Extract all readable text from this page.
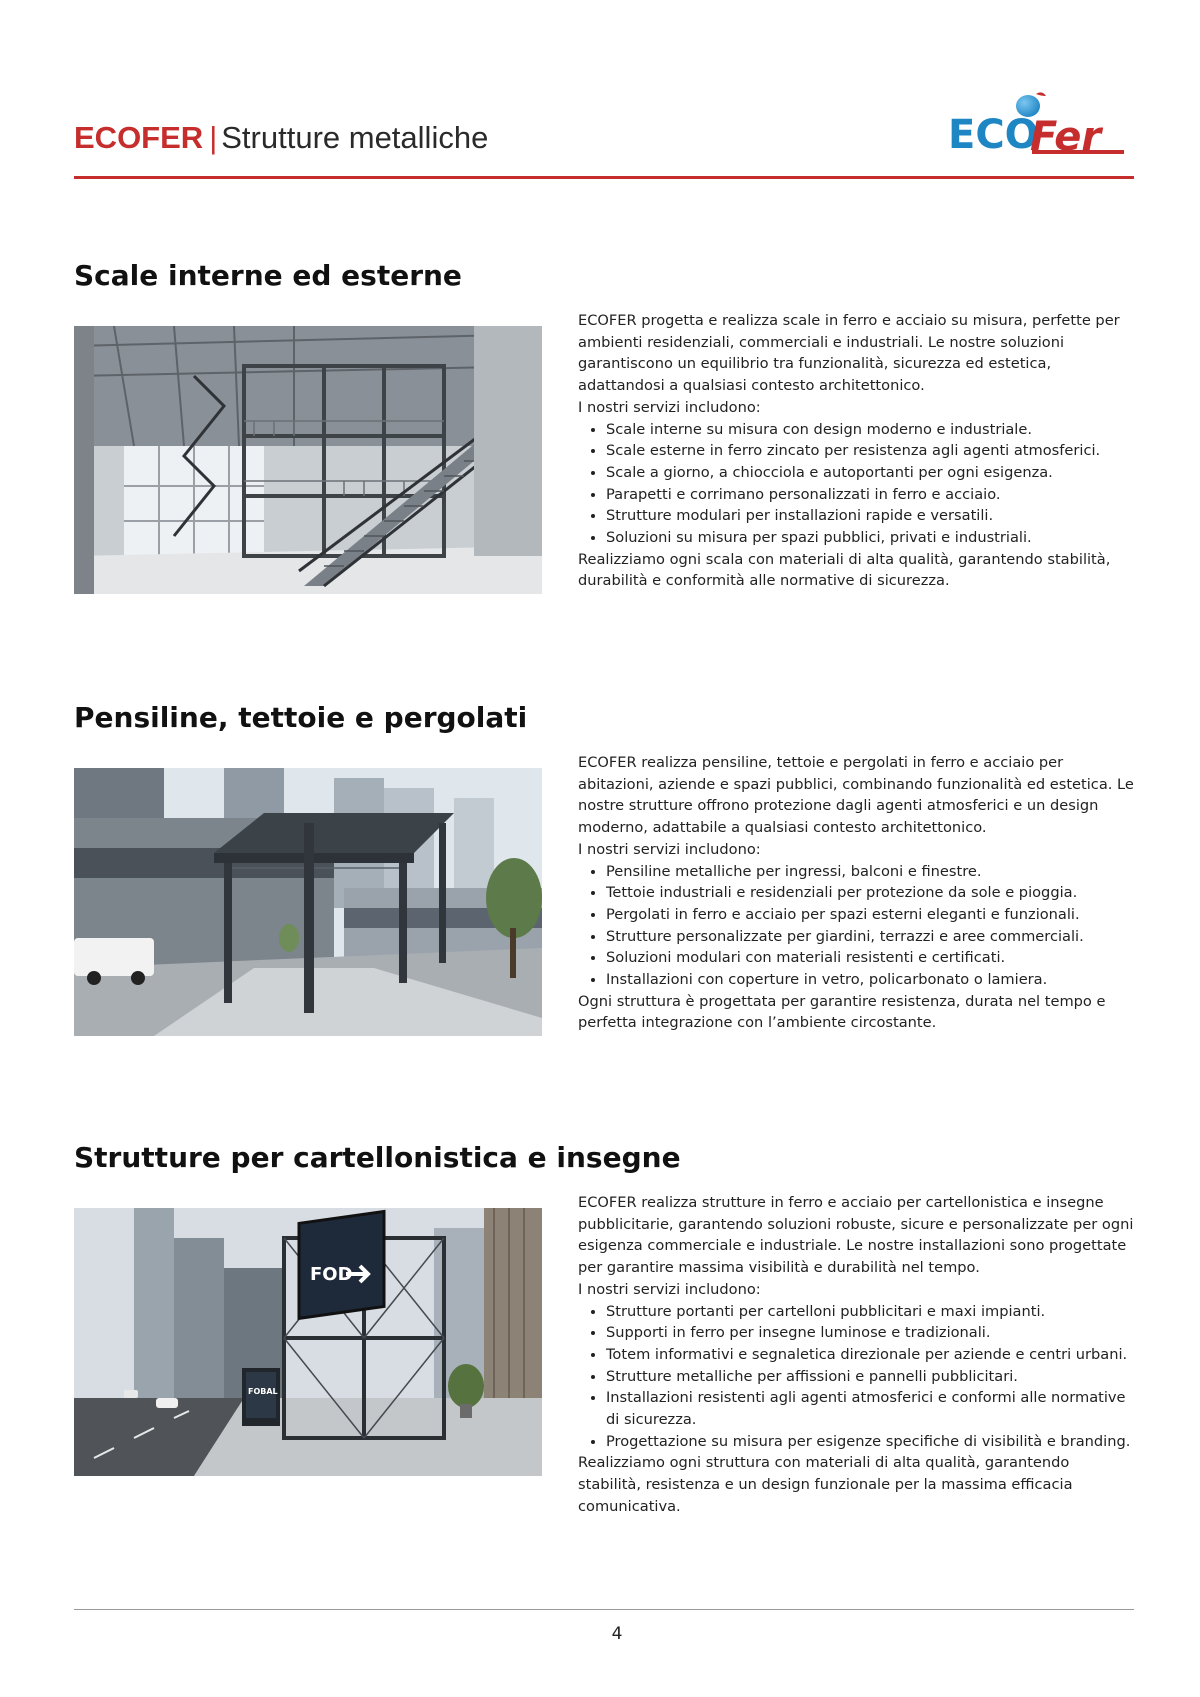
ECOFER | Strutture metalliche	ECO
Fer
Scale interne ed esterne

ECOFER progetta e realizza scale in ferro e acciaio su misura, perfette per ambienti residenziali, commerciali e industriali. Le nostre soluzioni garantiscono un equilibrio tra funzionalità, sicurezza ed estetica, adattandosi a qualsiasi contesto architettonico.

I nostri servizi includono:

• Scale interne su misura con design moderno e industriale.
• Scale esterne in ferro zincato per resistenza agli agenti atmosferici.
• Scale a giorno, a chiocciola e autoportanti per ogni esigenza.
• Parapetti e corrimano personalizzati in ferro e acciaio.
• Strutture modulari per installazioni rapide e versatili.
• Soluzioni su misura per spazi pubblici, privati e industriali.

Realizziamo ogni scala con materiali di alta qualità, garantendo stabilità, durabilità e conformità alle normative di sicurezza.

Pensiline, tettoie e pergolati

ECOFER realizza pensiline, tettoie e pergolati in ferro e acciaio per abitazioni, aziende e spazi pubblici, combinando funzionalità ed estetica. Le nostre strutture offrono protezione dagli agenti atmosferici e un design moderno, adattabile a qualsiasi contesto architettonico.

I nostri servizi includono:

• Pensiline metalliche per ingressi, balconi e finestre.
• Tettoie industriali e residenziali per protezione da sole e pioggia.
• Pergolati in ferro e acciaio per spazi esterni eleganti e funzionali.
• Strutture personalizzate per giardini, terrazzi e aree commerciali.
• Soluzioni modulari con materiali resistenti e certificati.
• Installazioni con coperture in vetro, policarbonato o lamiera.

Ogni struttura è progettata per garantire resistenza, durata nel tempo e perfetta integrazione con l’ambiente circostante.

Strutture per cartellonistica e insegne
FOD
FOBAL

ECOFER realizza strutture in ferro e acciaio per cartellonistica e insegne pubblicitarie, garantendo soluzioni robuste, sicure e personalizzate per ogni esigenza commerciale e industriale. Le nostre installazioni sono progettate per garantire massima visibilità e durabilità nel tempo.

I nostri servizi includono:

• Strutture portanti per cartelloni pubblicitari e maxi impianti.
• Supporti in ferro per insegne luminose e tradizionali.
• Totem informativi e segnaletica direzionale per aziende e centri urbani.
• Strutture metalliche per affissioni e pannelli pubblicitari.
• Installazioni resistenti agli agenti atmosferici e conformi alle normative di sicurezza.
• Progettazione su misura per esigenze specifiche di visibilità e branding.

Realizziamo ogni struttura con materiali di alta qualità, garantendo stabilità, resistenza e un design funzionale per la massima efficacia comunicativa.

4
